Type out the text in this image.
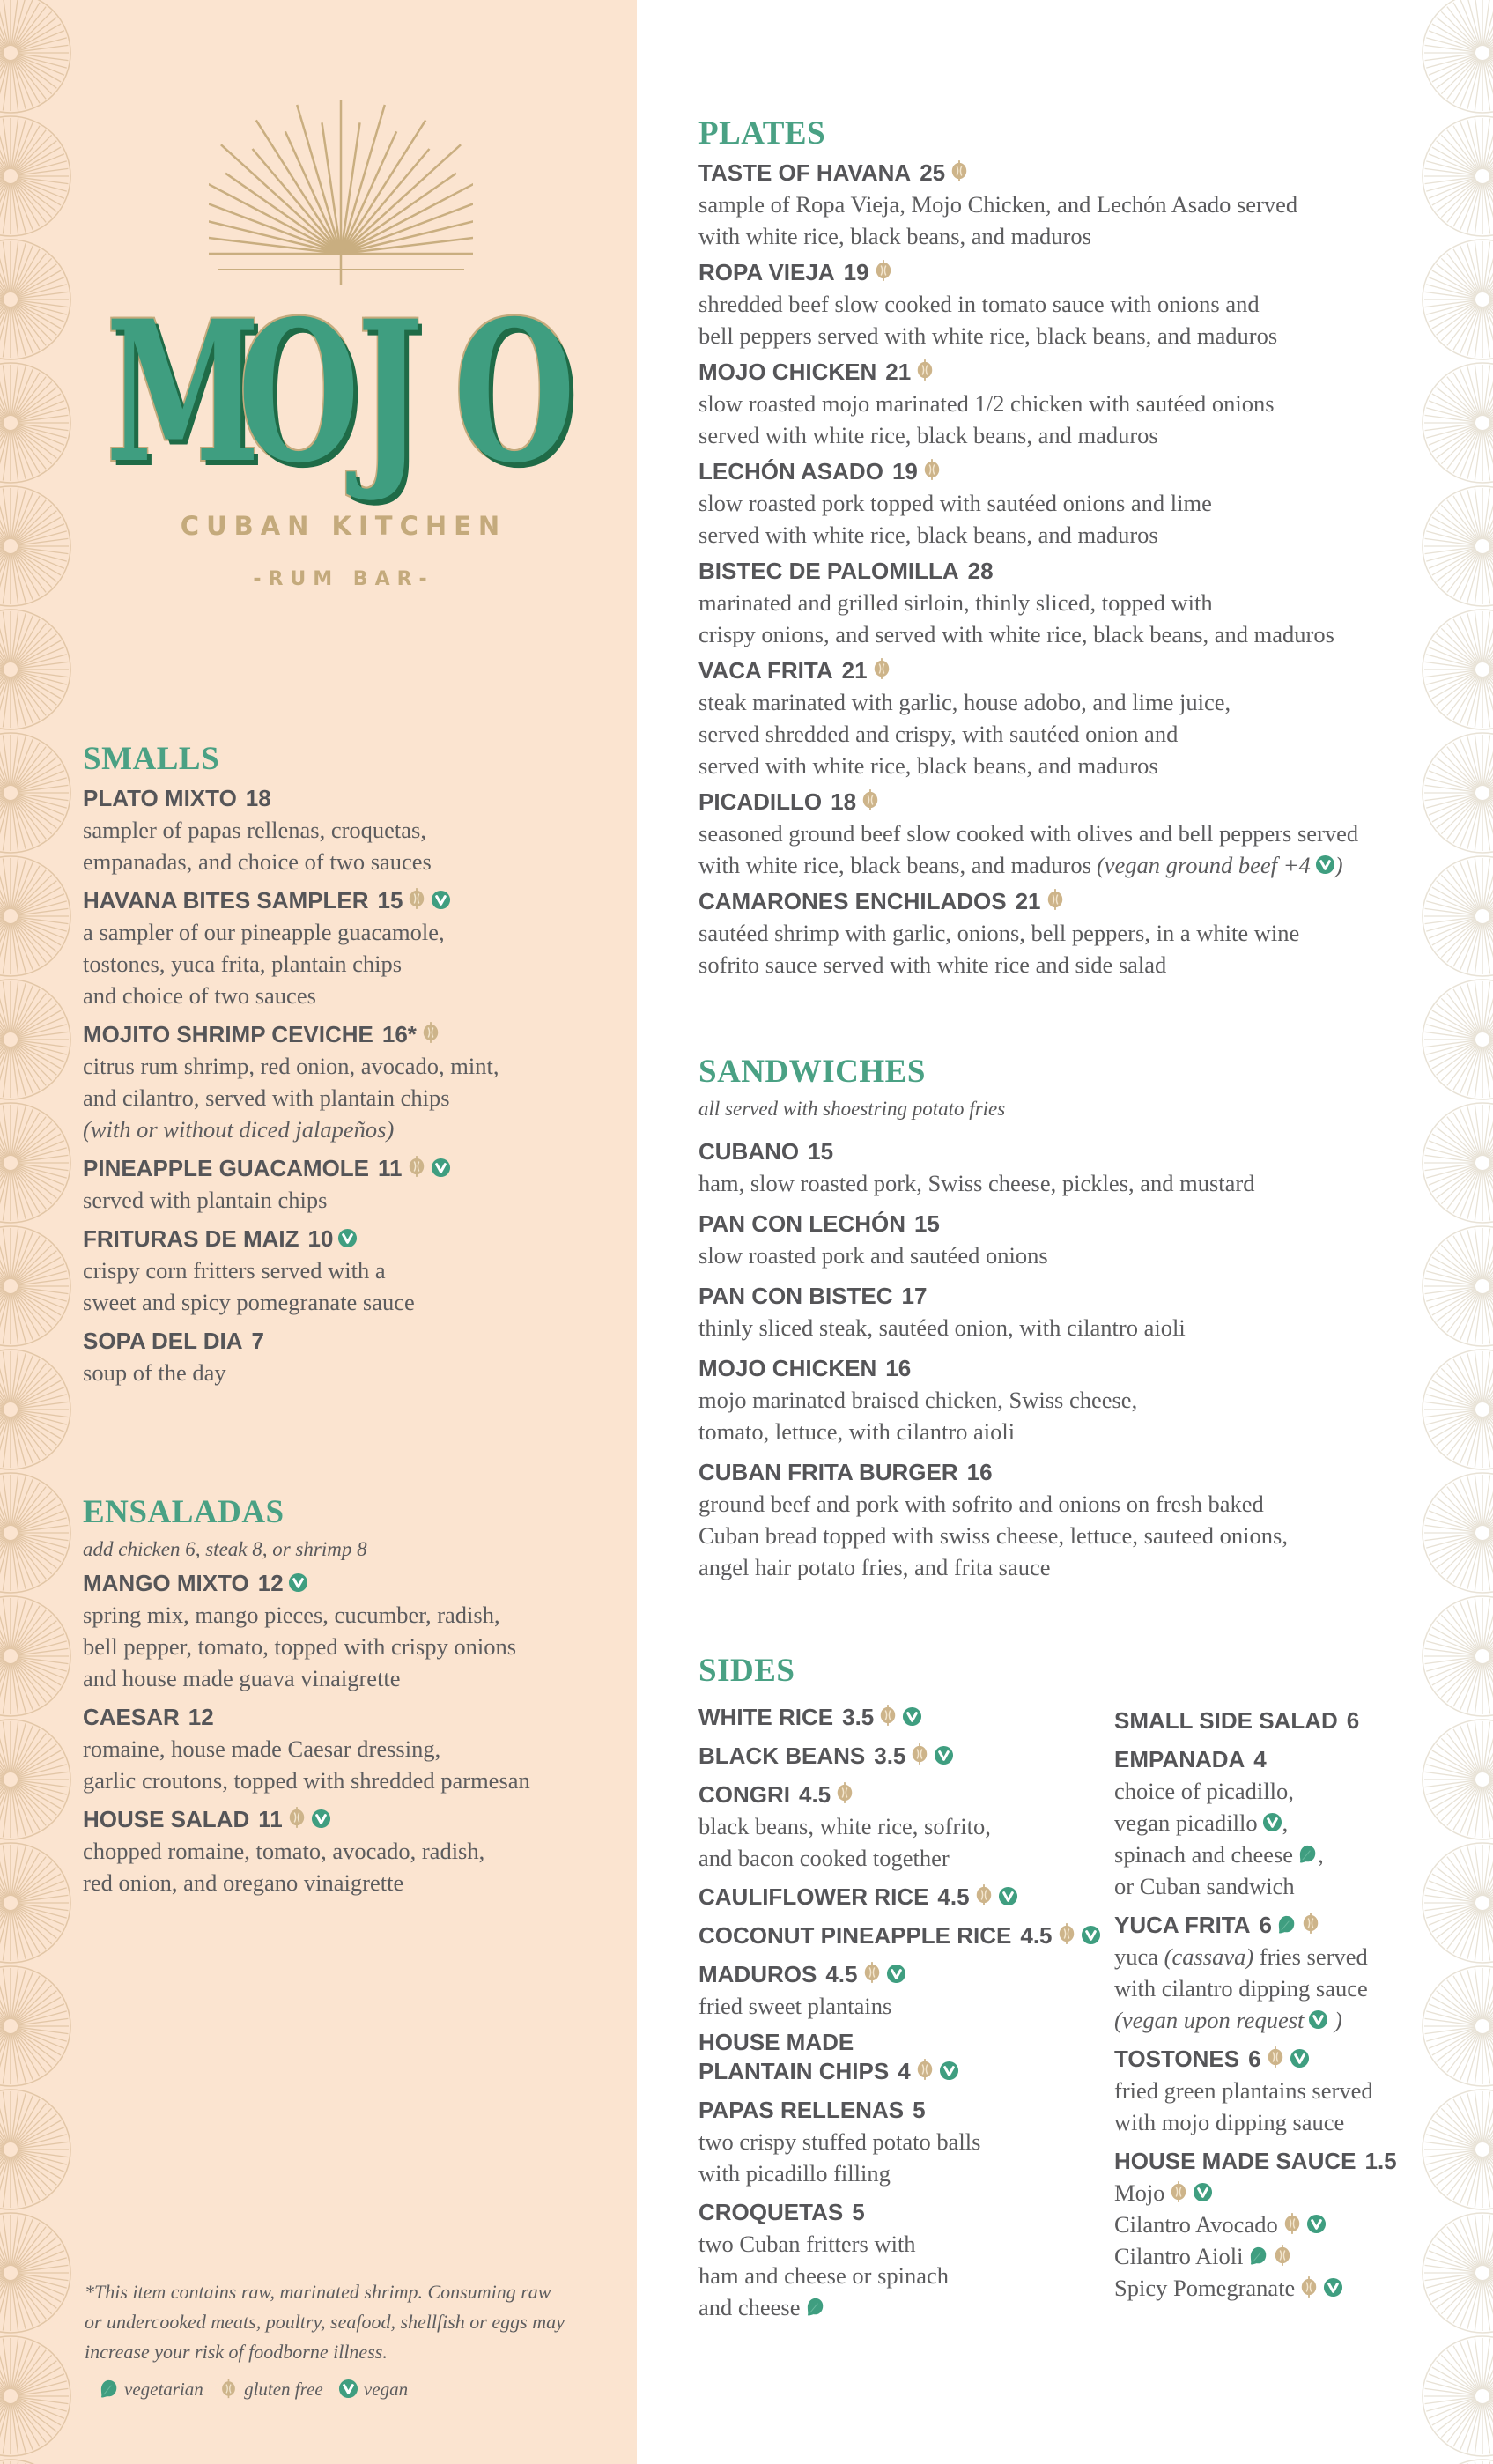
M
O
J O
CUBAN KITCHEN
-RUM BAR-
SMALLS
PLATO MIXTO 18
sampler of papas rellenas, croquetas,
empanadas, and choice of two sauces
HAVANA BITES SAMPLER 15
a sampler of our pineapple guacamole,
tostones, yuca frita, plantain chips
and choice of two sauces
MOJITO SHRIMP CEVICHE 16*
citrus rum shrimp, red onion, avocado, mint,
and cilantro, served with plantain chips
(with or without diced jalapeños)
PINEAPPLE GUACAMOLE 11
served with plantain chips
FRITURAS DE MAIZ 10
crispy corn fritters served with a
sweet and spicy pomegranate sauce
SOPA DEL DIA 7
soup of the day
ENSALADAS
add chicken 6, steak 8, or shrimp 8
MANGO MIXTO 12
spring mix, mango pieces, cucumber, radish,
bell pepper, tomato, topped with crispy onions
and house made guava vinaigrette
CAESAR 12
romaine, house made Caesar dressing,
garlic croutons, topped with shredded parmesan
HOUSE SALAD 11
chopped romaine, tomato, avocado, radish,
red onion, and oregano vinaigrette
*This item contains raw, marinated shrimp. Consuming raw
or undercooked meats, poultry, seafood, shellfish or eggs may
increase your risk of foodborne illness.
vegetarian gluten free vegan
PLATES
TASTE OF HAVANA 25
sample of Ropa Vieja, Mojo Chicken, and Lechón Asado served
with white rice, black beans, and maduros
ROPA VIEJA 19
shredded beef slow cooked in tomato sauce with onions and
bell peppers served with white rice, black beans, and maduros
MOJO CHICKEN 21
slow roasted mojo marinated 1/2 chicken with sautéed onions
served with white rice, black beans, and maduros
LECHÓN ASADO 19
slow roasted pork topped with sautéed onions and lime
served with white rice, black beans, and maduros
BISTEC DE PALOMILLA 28
marinated and grilled sirloin, thinly sliced, topped with
crispy onions, and served with white rice, black beans, and maduros
VACA FRITA 21
steak marinated with garlic, house adobo, and lime juice,
served shredded and crispy, with sautéed onion and
served with white rice, black beans, and maduros
PICADILLO 18
seasoned ground beef slow cooked with olives and bell peppers served
with white rice, black beans, and maduros (vegan ground beef +4 )
CAMARONES ENCHILADOS 21
sautéed shrimp with garlic, onions, bell peppers, in a white wine
sofrito sauce served with white rice and side salad
SANDWICHES
all served with shoestring potato fries
CUBANO 15
ham, slow roasted pork, Swiss cheese, pickles, and mustard
PAN CON LECHÓN 15
slow roasted pork and sautéed onions
PAN CON BISTEC 17
thinly sliced steak, sautéed onion, with cilantro aioli
MOJO CHICKEN 16
mojo marinated braised chicken, Swiss cheese,
tomato, lettuce, with cilantro aioli
CUBAN FRITA BURGER 16
ground beef and pork with sofrito and onions on fresh baked
Cuban bread topped with swiss cheese, lettuce, sauteed onions,
angel hair potato fries, and frita sauce
SIDES
WHITE RICE 3.5
BLACK BEANS 3.5
CONGRI 4.5
black beans, white rice, sofrito,
and bacon cooked together
CAULIFLOWER RICE 4.5
COCONUT PINEAPPLE RICE 4.5
MADUROS 4.5
fried sweet plantains
HOUSE MADE
PLANTAIN CHIPS 4
PAPAS RELLENAS 5
two crispy stuffed potato balls
with picadillo filling
CROQUETAS 5
two Cuban fritters with
ham and cheese or spinach
and cheese
SMALL SIDE SALAD 6
EMPANADA 4
choice of picadillo,
vegan picadillo ,
spinach and cheese ,
or Cuban sandwich
YUCA FRITA 6
yuca (cassava) fries served
with cilantro dipping sauce
(vegan upon request )
TOSTONES 6
fried green plantains served
with mojo dipping sauce
HOUSE MADE SAUCE 1.5
Mojo
Cilantro Avocado
Cilantro Aioli
Spicy Pomegranate
